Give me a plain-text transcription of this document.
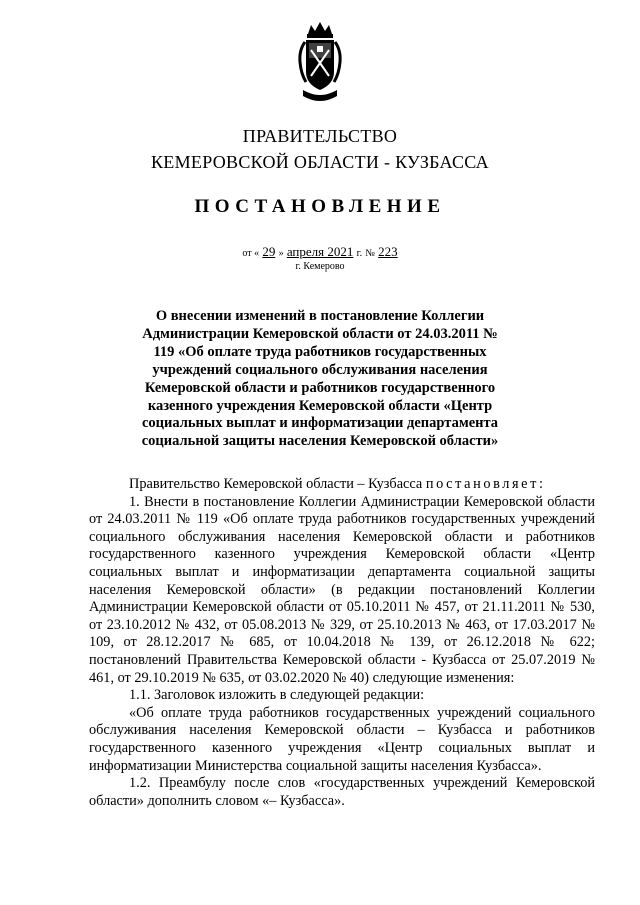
ПРАВИТЕЛЬСТВО
КЕМЕРОВСКОЙ ОБЛАСТИ - КУЗБАССА
ПОСТАНОВЛЕНИЕ
от « 29 » апреля 2021 г. № 223
г. Кемерово
О внесении изменений в постановление Коллегии Администрации Кемеровской области от 24.03.2011 № 119 «Об оплате труда работников государственных учреждений социального обслуживания населения Кемеровской области и работников государственного казенного учреждения Кемеровской области «Центр социальных выплат и информатизации департамента социальной защиты населения Кемеровской области»

Правительство Кемеровской области – Кузбасса постановляет:

1. Внести в постановление Коллегии Администрации Кемеровской области от 24.03.2011 № 119 «Об оплате труда работников государственных учреждений социального обслуживания населения Кемеровской области и работников государственного казенного учреждения Кемеровской области «Центр социальных выплат и информатизации департамента социальной защиты населения Кемеровской области» (в редакции постановлений Коллегии Администрации Кемеровской области от 05.10.2011 № 457, от 21.11.2011 № 530, от 23.10.2012 № 432, от 05.08.2013 № 329, от 25.10.2013 № 463, от 17.03.2017 № 109, от 28.12.2017 № 685, от 10.04.2018 № 139, от 26.12.2018 № 622; постановлений Правительства Кемеровской области - Кузбасса от 25.07.2019 № 461, от 29.10.2019 № 635, от 03.02.2020 № 40) следующие изменения:

1.1. Заголовок изложить в следующей редакции:

«Об оплате труда работников государственных учреждений социального обслуживания населения Кемеровской области – Кузбасса и работников государственного казенного учреждения «Центр социальных выплат и информатизации Министерства социальной защиты населения Кузбасса».

1.2. Преамбулу после слов «государственных учреждений Кемеровской области» дополнить словом «– Кузбасса».
